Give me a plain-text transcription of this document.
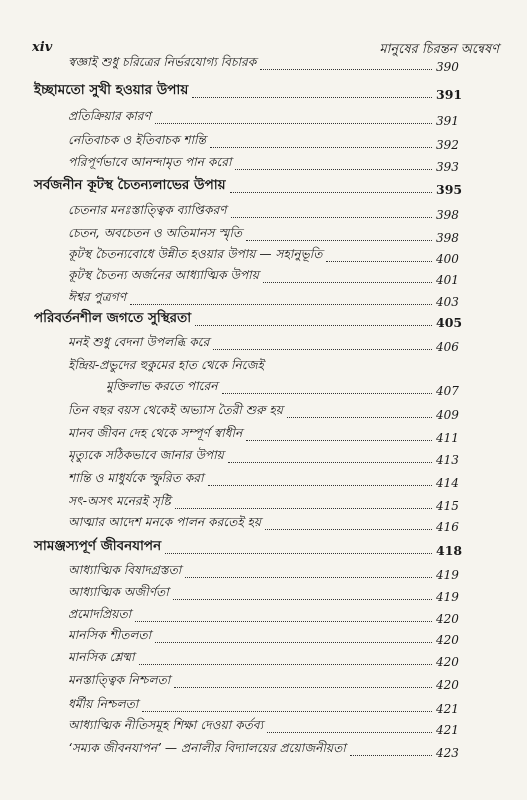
xiv	মানুষের চিরন্তন অন্বেষণ
স্বজ্ঞাই শুধু চরিত্রের নির্ভরযোগ্য বিচারক	390
ইচ্ছামতো সুখী হওয়ার উপায়	391
প্রতিক্রিয়ার কারণ	391
নেতিবাচক ও ইতিবাচক শান্তি	392
পরিপূর্ণভাবে আনন্দামৃত পান করো	393
সর্বজনীন কূটস্থ চৈতন্যলাভের উপায়	395
চেতনার মনঃস্তাত্ত্বিক ব্যাপ্তিকরণ	398
চেতন, অবচেতন ও অতিমানস স্মৃতি	398
কূটস্থ চৈতন্যবোধে উন্নীত হওয়ার উপায় — সহানুভূতি	400
কূটস্থ চৈতন্য অর্জনের আধ্যাত্মিক উপায়	401
ঈশ্বর পুত্রগণ	403
পরিবর্তনশীল জগতে সুস্থিরতা	405
মনই শুধু বেদনা উপলব্ধি করে	406
ইন্দ্রিয়-প্রভুদের হুকুমের হাত থেকে নিজেই
মুক্তিলাভ করতে পারেন	407
তিন বছর বয়স থেকেই অভ্যাস তৈরী শুরু হয়	409
মানব জীবন দেহ থেকে সম্পূর্ণ স্বাধীন	411
মৃত্যুকে সঠিকভাবে জানার উপায়	413
শান্তি ও মাধুর্যকে স্ফুরিত করা	414
সৎ-অসৎ মনেরই সৃষ্টি	415
আত্মার আদেশ মনকে পালন করতেই হয়	416
সামঞ্জস্যপূর্ণ জীবনযাপন	418
আধ্যাত্মিক বিষাদগ্রস্ততা	419
আধ্যাত্মিক অজীর্ণতা	419
প্রমোদপ্রিয়তা	420
মানসিক শীতলতা	420
মানসিক শ্লেষ্মা	420
মনস্তাত্ত্বিক নিশ্চলতা	420
ধর্মীয় নিশ্চলতা	421
আধ্যাত্মিক নীতিসমূহ শিক্ষা দেওয়া কর্তব্য	421
‘সম্যক জীবনযাপন’ — প্রনালীর বিদ্যালয়ের প্রয়োজনীয়তা	423
